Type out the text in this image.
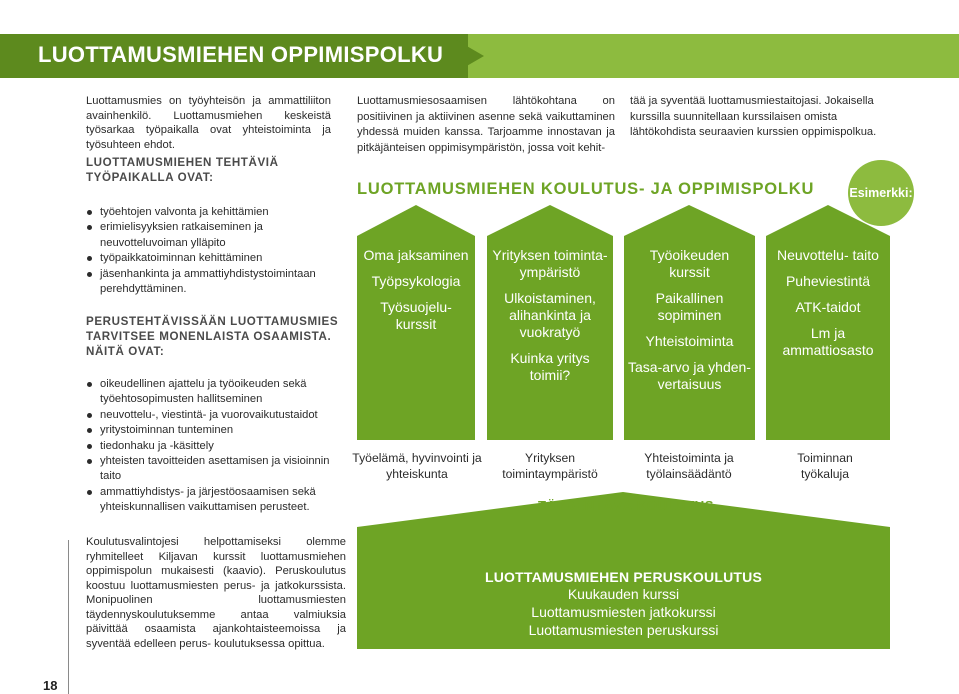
LUOTTAMUSMIEHEN OPPIMISPOLKU

Luottamusmies on työyhteisön ja ammattiliiton avainhenkilö. Luottamusmiehen keskeistä työsarkaa työpaikalla ovat yhteistoiminta ja työsuhteen ehdot.

LUOTTAMUSMIEHEN TEHTÄVIÄ
TYÖPAIKALLA OVAT:
työehtojen valvonta ja kehittämien
erimielisyyksien ratkaiseminen ja neuvotteluvoiman ylläpito
työpaikkatoiminnan kehittäminen
jäsenhankinta ja ammattiyhdistystoimintaan perehdyttäminen.
PERUSTEHTÄVISSÄÄN LUOTTAMUSMIES
TARVITSEE MONENLAISTA OSAAMISTA.
NÄITÄ OVAT:
oikeudellinen ajattelu ja työoikeuden sekä työehtosopimusten hallitseminen
neuvottelu-, viestintä- ja vuorovaikutustaidot
yritystoiminnan tunteminen
tiedonhaku ja -käsittely
yhteisten tavoitteiden asettamisen ja visioinnin taito
ammattiyhdistys- ja järjestöosaamisen sekä yhteiskunnallisen vaikuttamisen perusteet.

Koulutusvalintojesi helpottamiseksi olemme ryhmitelleet Kiljavan kurssit luottamusmiehen oppimispolun mukaisesti (kaavio). Peruskoulutus koostuu luottamusmiesten perus- ja jatkokurssista. Monipuolinen luottamusmiesten täydennyskoulutuksemme antaa valmiuksia päivittää osaamista ajankohtaisteemoissa ja syventää edelleen perus- koulutuksessa opittua.

18

Luottamusmiesosaamisen lähtökohtana on positiivinen ja aktiivinen asenne sekä vaikuttaminen yhdessä muiden kanssa. Tarjoamme innostavan ja pitkäjänteisen oppimisympäristön, jossa voit kehit-

tää ja syventää luottamusmiestaitojasi. Jokaisella kurssilla suunnitellaan kurssilaisen omista lähtökohdista seuraavien kurssien oppimispolkua.

LUOTTAMUSMIEHEN KOULUTUS- JA OPPIMISPOLKU	Esimerkki:
Oma jaksaminen
Työpsykologia
Työsuojelu- kurssit
Yrityksen toiminta- ympäristö
Ulkoistaminen, alihankinta ja vuokratyö
Kuinka yritys toimii?
Työoikeuden kurssit
Paikallinen sopiminen
Yhteistoiminta
Tasa-arvo ja yhden- vertaisuus
Neuvottelu- taito
Puheviestintä
ATK-taidot
Lm ja ammattiosasto
Työelämä, hyvinvointi ja yhteiskunta
Yrityksen toimintaympäristö
Yhteistoiminta ja työlainsäädäntö
Toiminnan työkaluja
TÄYDENTÄVÄ KOULUTUS
LUOTTAMUSMIEHEN PERUSKOULUTUS
Kuukauden kurssi
Luottamusmiesten jatkokurssi
Luottamusmiesten peruskurssi
